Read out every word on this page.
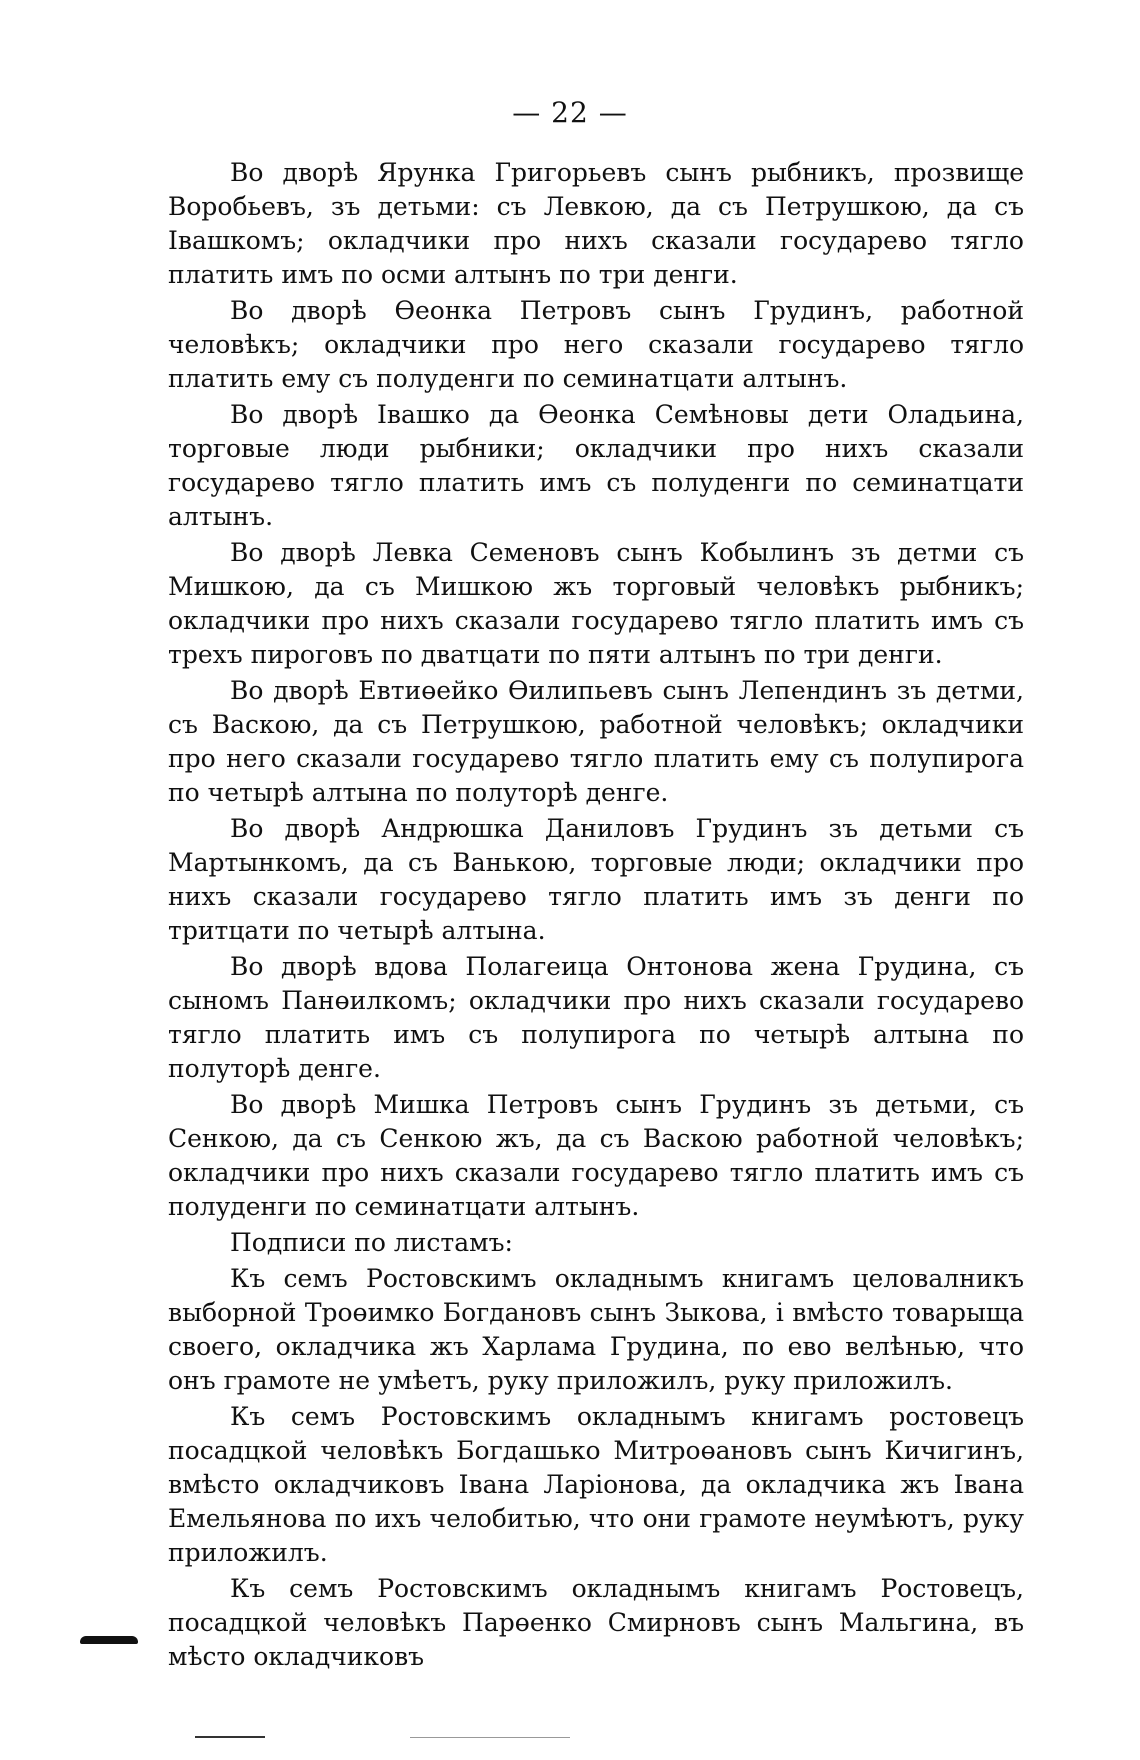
— 22 —

Во дворѣ Ярунка Григорьевъ сынъ рыбникъ, прозвище Воробьевъ, зъ детьми: съ Левкою, да съ Петрушкою, да съ Івашкомъ; окладчики про нихъ сказали государево тягло платить имъ по осми алтынъ по три денги.

Во дворѣ Өеонка Петровъ сынъ Грудинъ, работной человѣкъ; окладчики про него сказали государево тягло платить ему съ полуденги по семинатцати алтынъ.

Во дворѣ Івашко да Өеонка Семѣновы дети Оладьина, торговые люди рыбники; окладчики про нихъ сказали государево тягло платить имъ съ полуденги по семинатцати алтынъ.

Во дворѣ Левка Семеновъ сынъ Кобылинъ зъ детми съ Мишкою, да съ Мишкою жъ торговый человѣкъ рыбникъ; окладчики про нихъ сказали государево тягло платить имъ съ трехъ пироговъ по дватцати по пяти алтынъ по три денги.

Во дворѣ Евтиөейко Өилипьевъ сынъ Лепендинъ зъ детми, съ Васкою, да съ Петрушкою, работной человѣкъ; окладчики про него сказали государево тягло платить ему съ полупирога по четырѣ алтына по полуторѣ денге.

Во дворѣ Андрюшка Даниловъ Грудинъ зъ детьми съ Мартынкомъ, да съ Ванькою, торговые люди; окладчики про нихъ сказали государево тягло платить имъ зъ денги по тритцати по четырѣ алтына.

Во дворѣ вдова Полагеица Онтонова жена Грудина, съ сыномъ Панөилкомъ; окладчики про нихъ сказали государево тягло платить имъ съ полупирога по четырѣ алтына по полуторѣ денге.

Во дворѣ Мишка Петровъ сынъ Грудинъ зъ детьми, съ Сенкою, да съ Сенкою жъ, да съ Васкою работной человѣкъ; окладчики про нихъ сказали государево тягло платить имъ съ полуденги по семинатцати алтынъ.

Подписи по листамъ:

Къ семъ Ростовскимъ окладнымъ книгамъ целовалникъ выборной Троөимко Богдановъ сынъ Зыкова, і вмѣсто товарыща своего, окладчика жъ Харлама Грудина, по ево велѣнью, что онъ грамоте не умѣетъ, руку приложилъ, руку приложилъ.

Къ семъ Ростовскимъ окладнымъ книгамъ ростовецъ посадцкой человѣкъ Богдашько Митроөановъ сынъ Кичигинъ, вмѣсто окладчиковъ Івана Ларіонова, да окладчика жъ Івана Емельянова по ихъ челобитью, что они грамоте неумѣютъ, руку приложилъ.

Къ семъ Ростовскимъ окладнымъ книгамъ Ростовецъ, посадцкой человѣкъ Парөенко Смирновъ сынъ Мальгина, въ мѣсто окладчиковъ
